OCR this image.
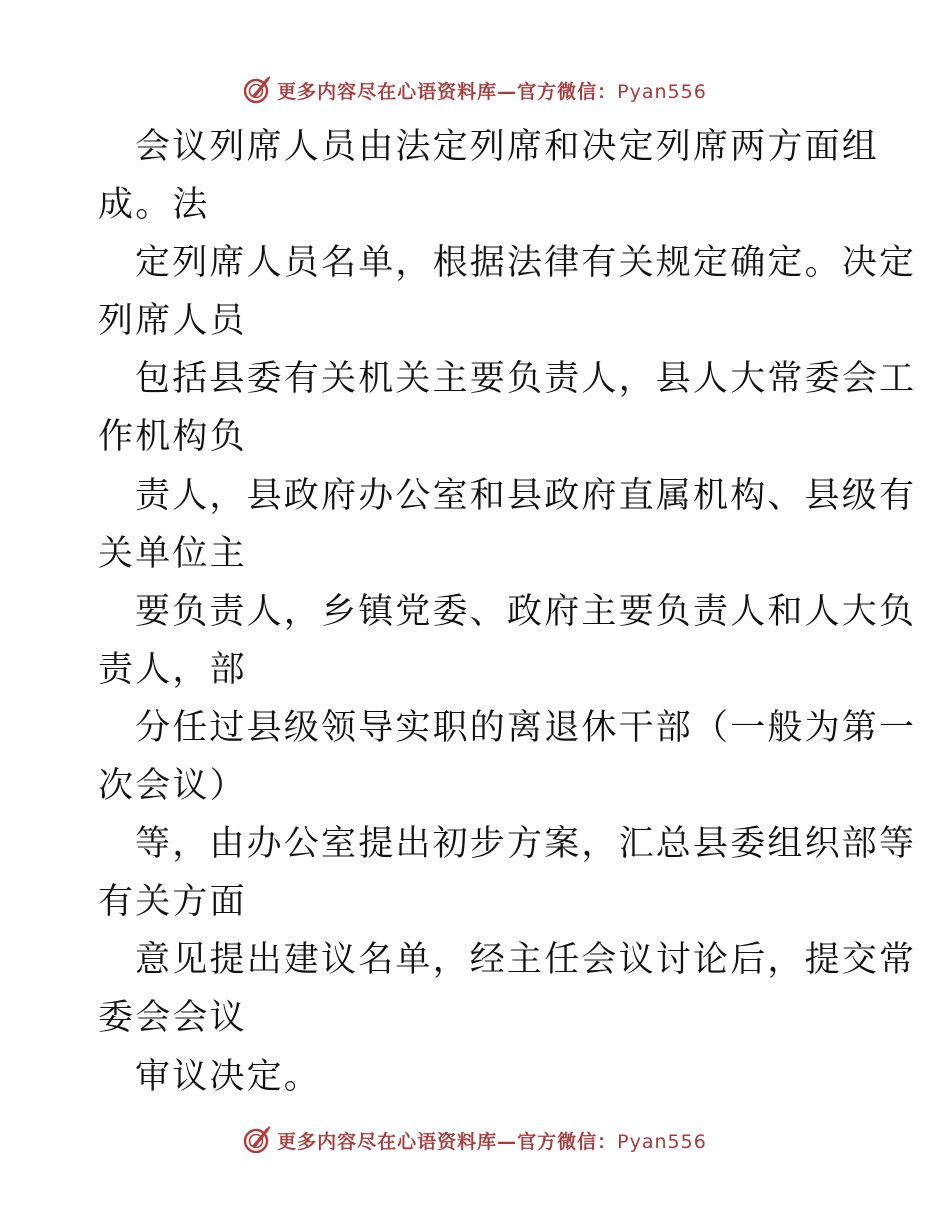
更多内容尽在心语资料库—官方微信：Pyan556
会议列席人员由法定列席和决定列席两方面组
成。法
定列席人员名单，根据法律有关规定确定。决定
列席人员
包括县委有关机关主要负责人，县人大常委会工
作机构负
责人，县政府办公室和县政府直属机构、县级有
关单位主
要负责人，乡镇党委、政府主要负责人和人大负
责人，部
分任过县级领导实职的离退休干部（一般为第一
次会议）
等，由办公室提出初步方案，汇总县委组织部等
有关方面
意见提出建议名单，经主任会议讨论后，提交常
委会会议
审议决定。
更多内容尽在心语资料库—官方微信：Pyan556
